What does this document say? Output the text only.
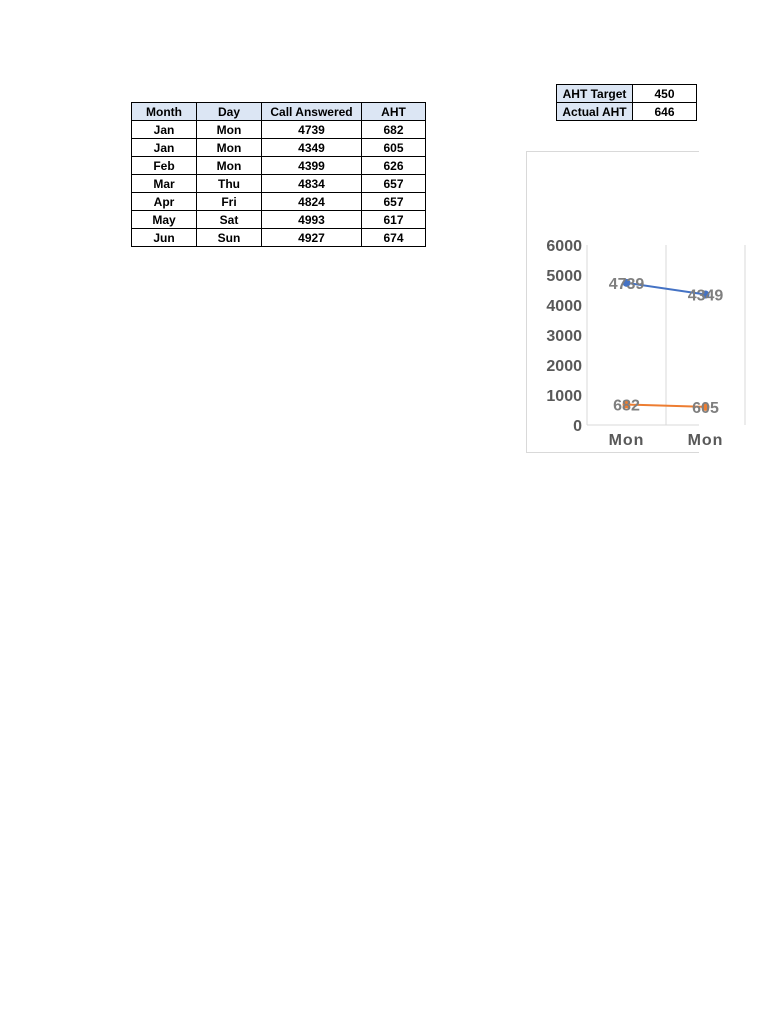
Month	Day	Call Answered	AHT
Jan	Mon	4739	682
Jan	Mon	4349	605
Feb	Mon	4399	626
Mar	Thu	4834	657
Apr	Fri	4824	657
May	Sat	4993	617
Jun	Sun	4927	674
AHT Target	450
Actual AHT	646
0
1000
2000
3000
4000
5000
6000
Mon	Mon
4739
4349
682	605
